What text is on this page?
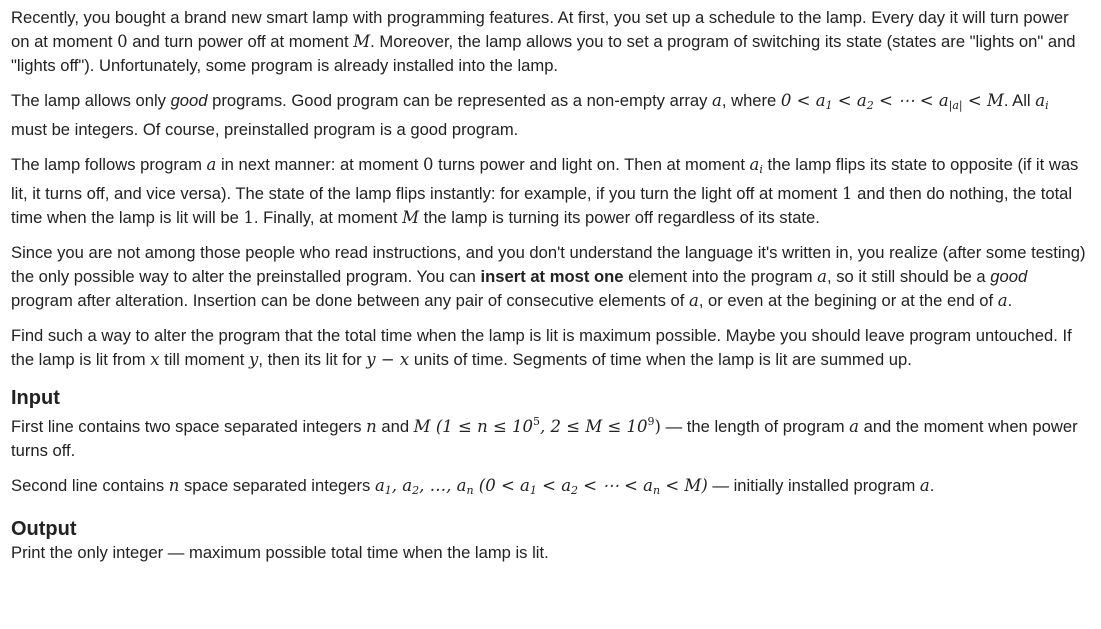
Recently, you bought a brand new smart lamp with programming features. At first, you set up a schedule to the lamp. Every day it will turn power on at moment 0 and turn power off at moment M. Moreover, the lamp allows you to set a program of switching its state (states are "lights on" and "lights off"). Unfortunately, some program is already installed into the lamp.

The lamp allows only good programs. Good program can be represented as a non-empty array a, where 0 < a1 < a2 < ⋯ < a|a| < M. All ai must be integers. Of course, preinstalled program is a good program.

The lamp follows program a in next manner: at moment 0 turns power and light on. Then at moment ai the lamp flips its state to opposite (if it was lit, it turns off, and vice versa). The state of the lamp flips instantly: for example, if you turn the light off at moment 1 and then do nothing, the total time when the lamp is lit will be 1. Finally, at moment M the lamp is turning its power off regardless of its state.

Since you are not among those people who read instructions, and you don't understand the language it's written in, you realize (after some testing) the only possible way to alter the preinstalled program. You can insert at most one element into the program a, so it still should be a good program after alteration. Insertion can be done between any pair of consecutive elements of a, or even at the begining or at the end of a.

Find such a way to alter the program that the total time when the lamp is lit is maximum possible. Maybe you should leave program untouched. If the lamp is lit from x till moment y, then its lit for y − x units of time. Segments of time when the lamp is lit are summed up.

Input

First line contains two space separated integers n and M ($1 \le n \le 10^5$, $2 \le M \le 10^9$) — the length of program a and the moment when power turns off.

Second line contains n space separated integers a1, a2, …, an (0 < a1 < a2 < ⋯ < an < M) — initially installed program a.

Output

Print the only integer — maximum possible total time when the lamp is lit.
